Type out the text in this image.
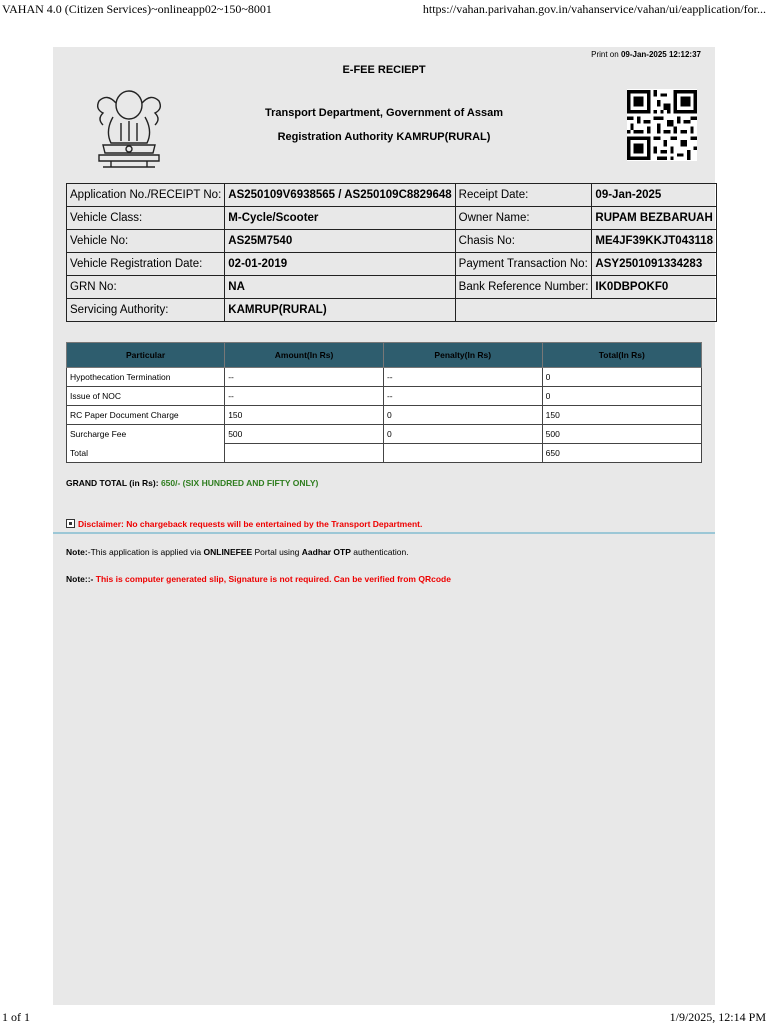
VAHAN 4.0 (Citizen Services)~onlineapp02~150~8001	https://vahan.parivahan.gov.in/vahanservice/vahan/ui/eapplication/for...
Print on 09-Jan-2025 12:12:37
E-FEE RECIEPT
Transport Department, Government of Assam
Registration Authority KAMRUP(RURAL)
Application No./RECEIPT No:	AS250109V6938565 / AS250109C8829648	Receipt Date:	09-Jan-2025
Vehicle Class:	M-Cycle/Scooter	Owner Name:	RUPAM BEZBARUAH
Vehicle No:	AS25M7540	Chasis No:	ME4JF39KKJT043118
Vehicle Registration Date:	02-01-2019	Payment Transaction No:	ASY2501091334283
GRN No:	NA	Bank Reference Number:	IK0DBPOKF0
Servicing Authority:	KAMRUP(RURAL)		
Particular	Amount(In Rs)	Penalty(In Rs)	Total(In Rs)
Hypothecation Termination	--	--	0
Issue of NOC	--	--	0
RC Paper Document Charge	150	0	150
Surcharge Fee	500	0	500
Total			650
GRAND TOTAL (in Rs): 650/- (SIX HUNDRED AND FIFTY ONLY)
Disclaimer: No chargeback requests will be entertained by the Transport Department.
Note:-This application is applied via ONLINEFEE Portal using Aadhar OTP authentication.
Note::- This is computer generated slip, Signature is not required. Can be verified from QRcode
1 of 1	1/9/2025, 12:14 PM
